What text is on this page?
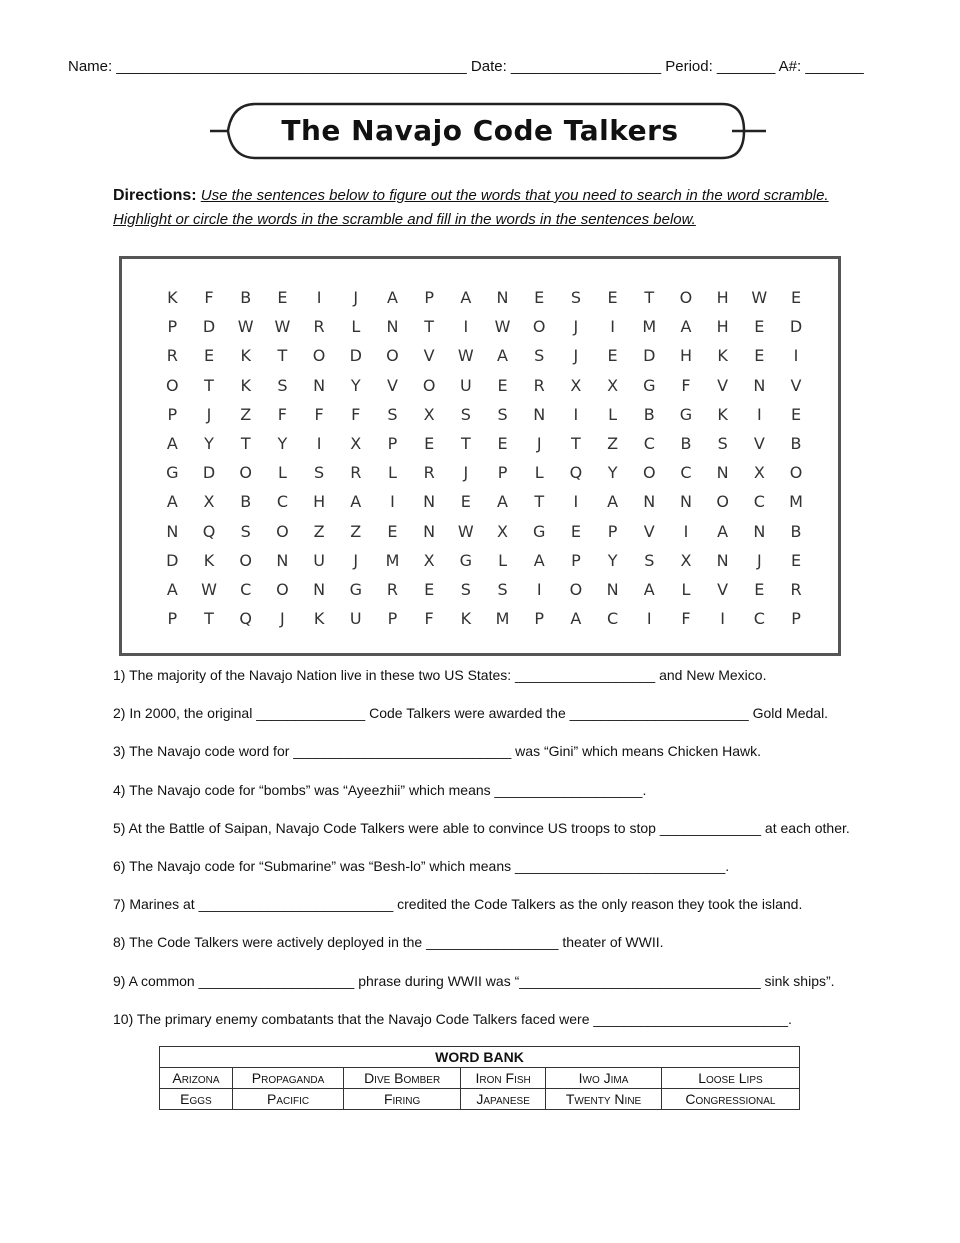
Name: __________________________________________ Date: __________________ Period: _______ A#: _______
The Navajo Code Talkers
Directions: Use the sentences below to figure out the words that you need to search in the word scramble. Highlight or circle the words in the scramble and fill in the words in the sentences below.
K	F	B	E	I	J	A	P	A	N	E	S	E	T	O	H	W	E
P	D	W	W	R	L	N	T	I	W	O	J	I	M	A	H	E	D
R	E	K	T	O	D	O	V	W	A	S	J	E	D	H	K	E	I
O	T	K	S	N	Y	V	O	U	E	R	X	X	G	F	V	N	V
P	J	Z	F	F	F	S	X	S	S	N	I	L	B	G	K	I	E
A	Y	T	Y	I	X	P	E	T	E	J	T	Z	C	B	S	V	B
G	D	O	L	S	R	L	R	J	P	L	Q	Y	O	C	N	X	O
A	X	B	C	H	A	I	N	E	A	T	I	A	N	N	O	C	M
N	Q	S	O	Z	Z	E	N	W	X	G	E	P	V	I	A	N	B
D	K	O	N	U	J	M	X	G	L	A	P	Y	S	X	N	J	E
A	W	C	O	N	G	R	E	S	S	I	O	N	A	L	V	E	R
P	T	Q	J	K	U	P	F	K	M	P	A	C	I	F	I	C	P
1) The majority of the Navajo Nation live in these two US States: __________________ and New Mexico.
2) In 2000, the original ______________ Code Talkers were awarded the _______________________ Gold Medal.
3) The Navajo code word for ____________________________ was “Gini” which means Chicken Hawk.
4) The Navajo code for “bombs” was “Ayeezhii” which means ___________________.
5) At the Battle of Saipan, Navajo Code Talkers were able to convince US troops to stop _____________ at each other.
6) The Navajo code for “Submarine” was “Besh-lo” which means ___________________________.
7) Marines at _________________________ credited the Code Talkers as the only reason they took the island.
8) The Code Talkers were actively deployed in the _________________ theater of WWII.
9) A common ____________________ phrase during WWII was “_______________________________ sink ships”.
10) The primary enemy combatants that the Navajo Code Talkers faced were _________________________.
WORD BANK					
Arizona	Propaganda	Dive Bomber	Iron Fish	Iwo Jima	Loose Lips
Eggs	Pacific	Firing	Japanese	Twenty Nine	Congressional
